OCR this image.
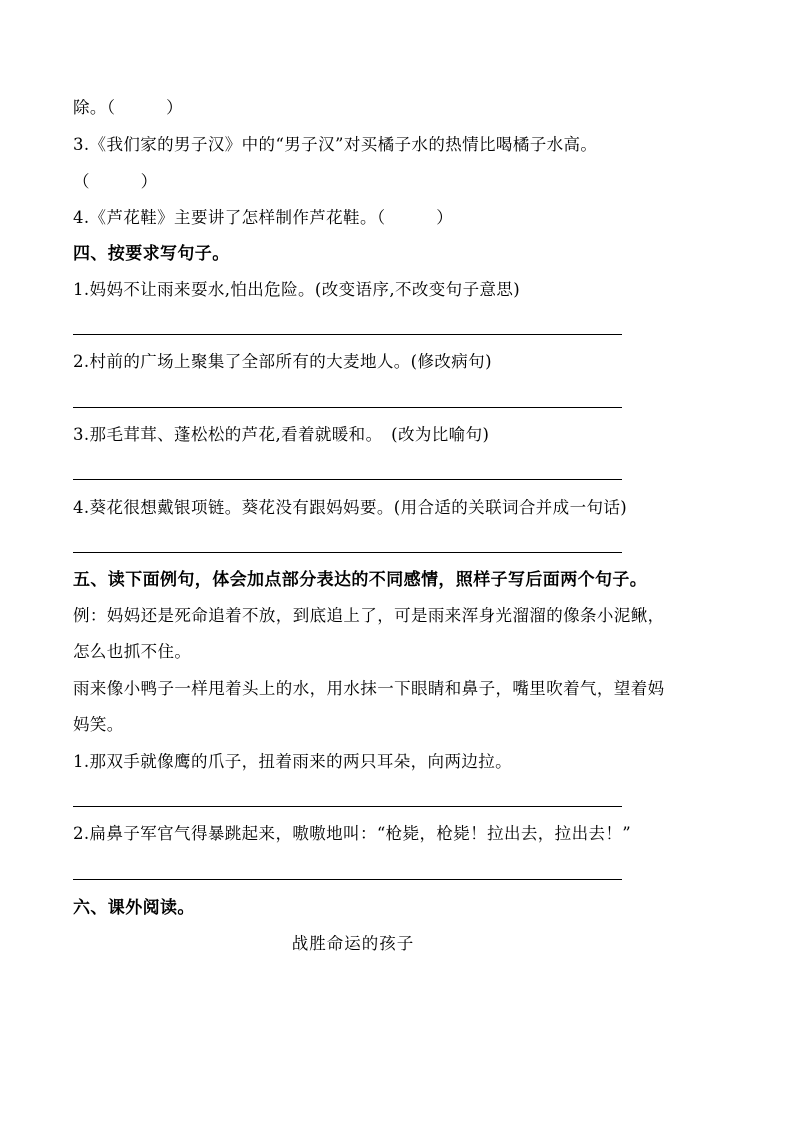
除。（　　　）
3.《我们家的男子汉》中的“男子汉”对买橘子水的热情比喝橘子水高。
（　　　）
4.《芦花鞋》主要讲了怎样制作芦花鞋。（　　　）
四、按要求写句子。
1.妈妈不让雨来耍水,怕出危险。(改变语序,不改变句子意思)
2.村前的广场上聚集了全部所有的大麦地人。(修改病句)
3.那毛茸茸、蓬松松的芦花,看着就暖和。　(改为比喻句)
4.葵花很想戴银项链。葵花没有跟妈妈要。(用合适的关联词合并成一句话)
五、读下面例句，体会加点部分表达的不同感情，照样子写后面两个句子。
例：妈妈还是死命追着不放，到底追上了，可是雨来浑身光溜溜的像条小泥鳅，
怎么也抓不住。
雨来像小鸭子一样甩着头上的水，用水抹一下眼睛和鼻子，嘴里吹着气，望着妈
妈笑。
1.那双手就像鹰的爪子，扭着雨来的两只耳朵，向两边拉。
2.扁鼻子军官气得暴跳起来，嗷嗷地叫：“枪毙，枪毙！拉出去，拉出去！”
六、课外阅读。
战胜命运的孩子
